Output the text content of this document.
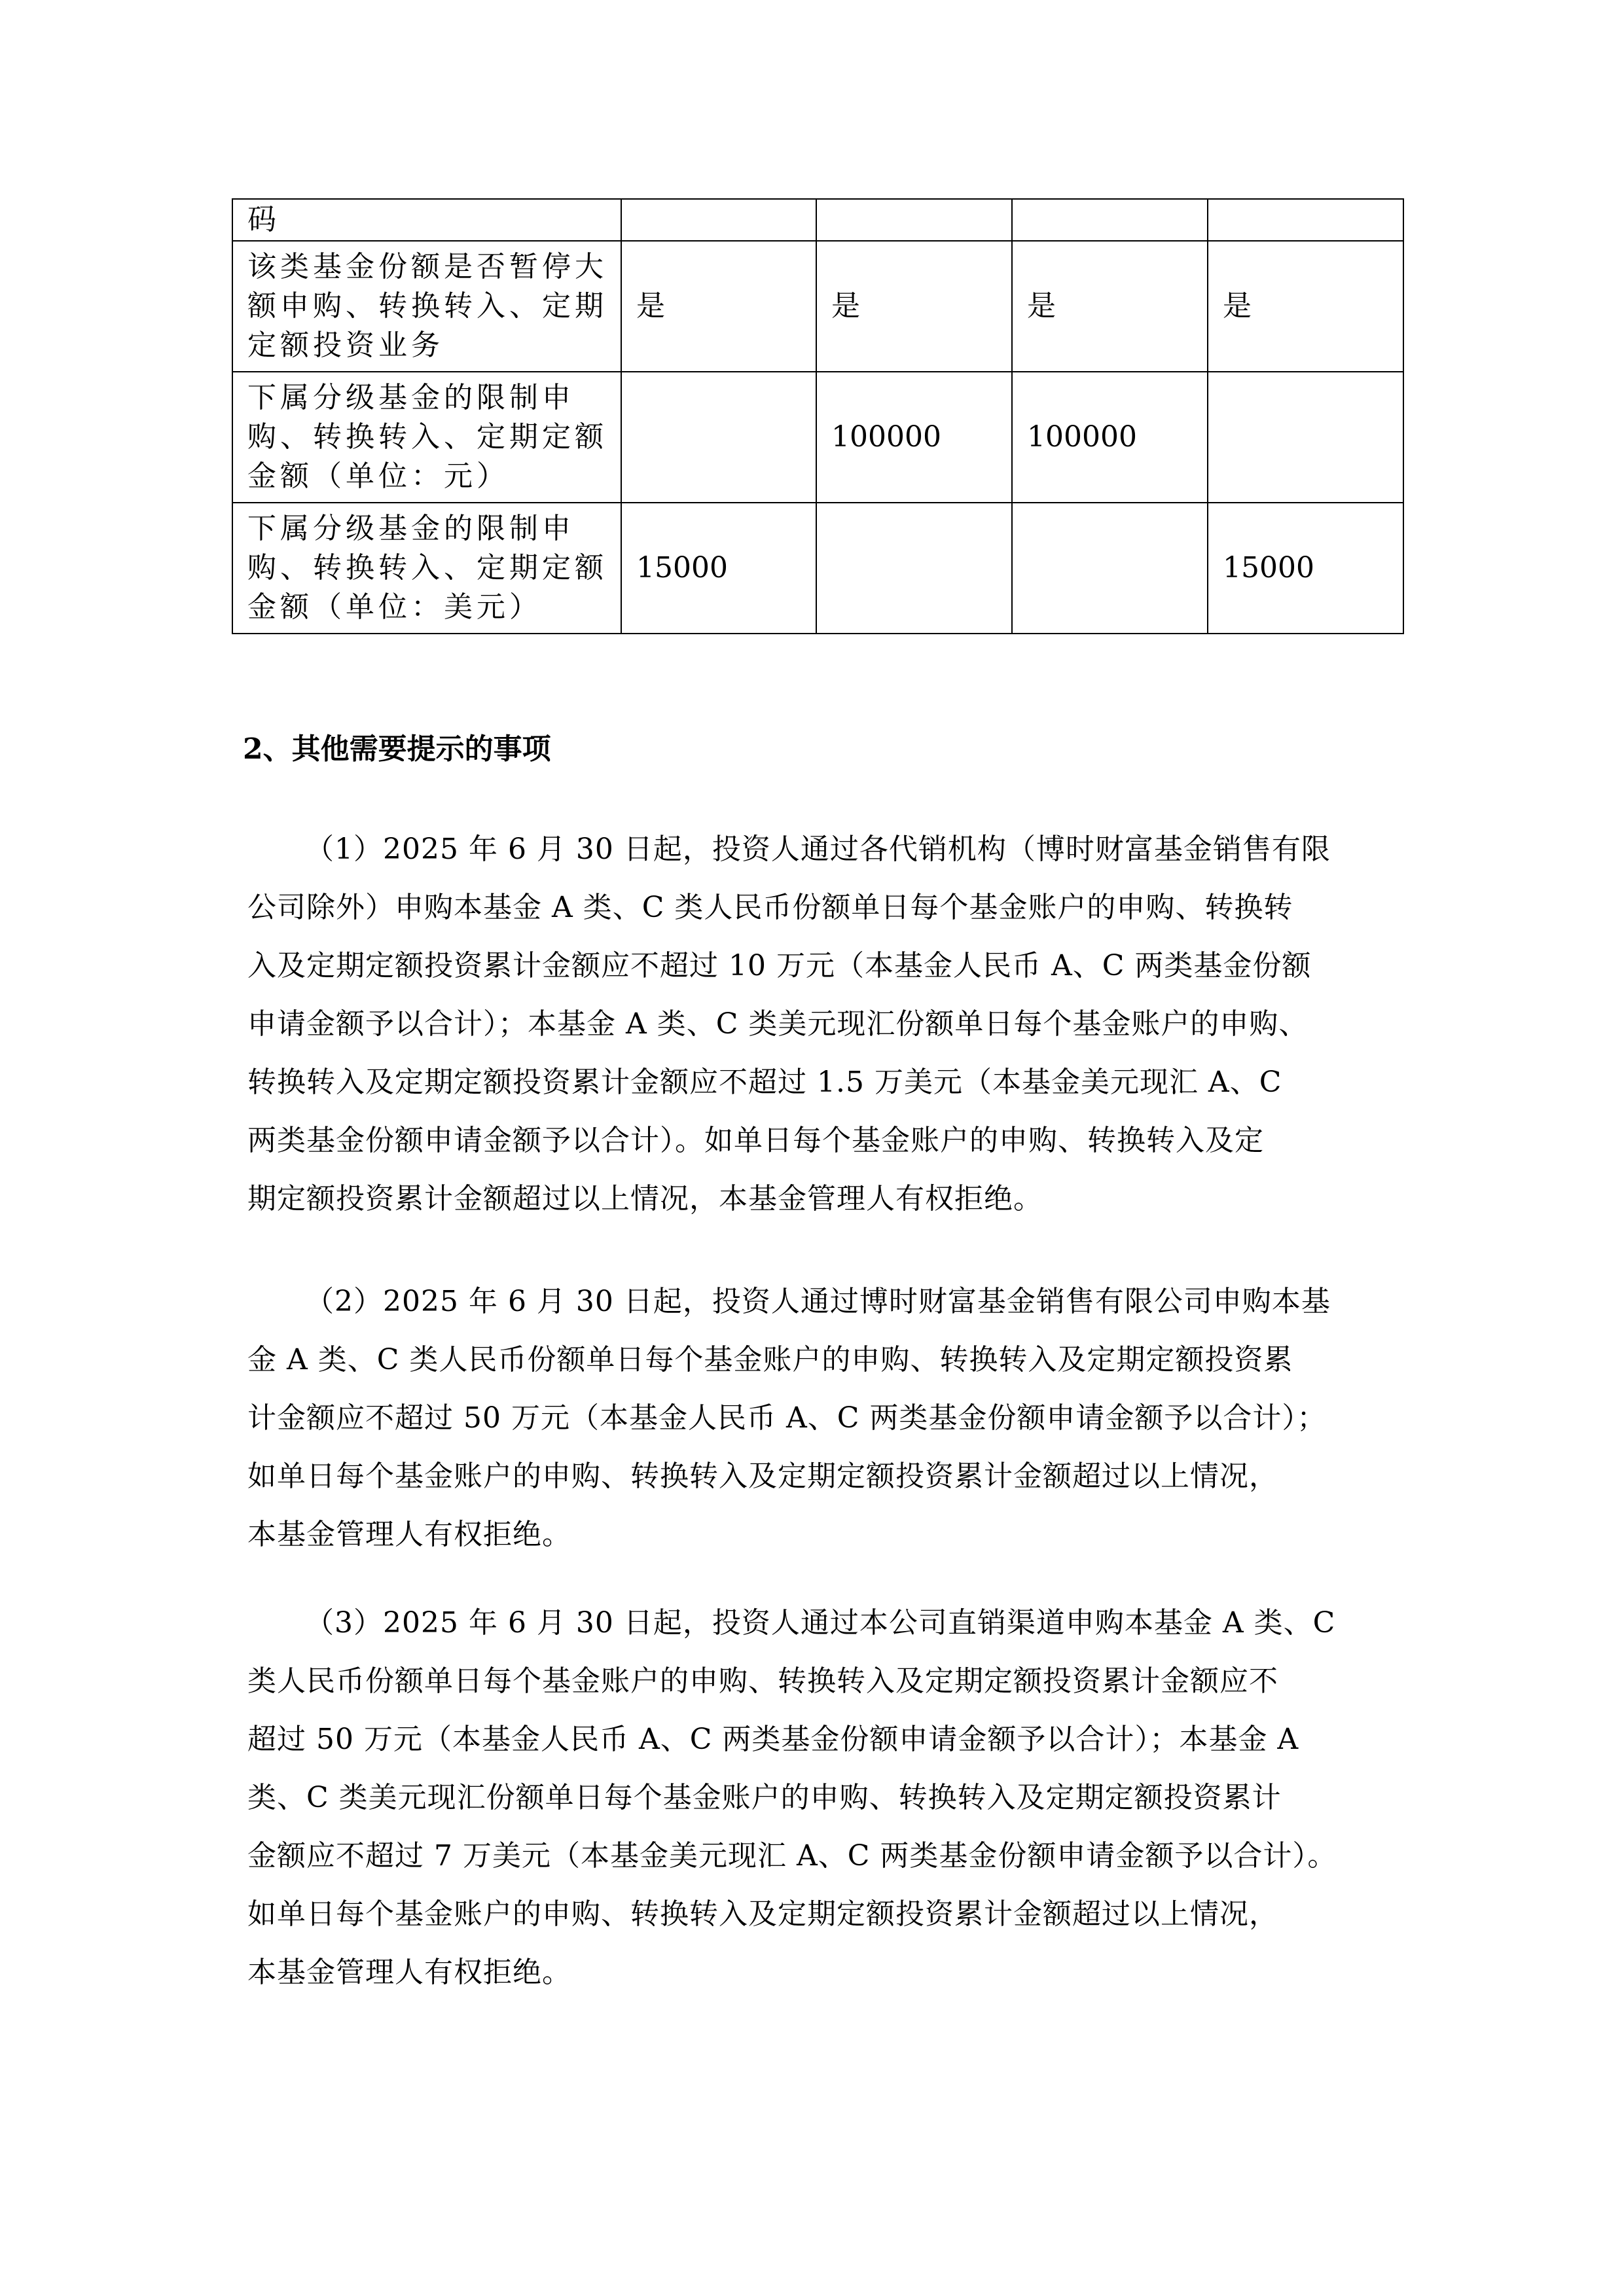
码				
该类基金份额是否暂停大额申购、转换转入、定期定额投资业务	是	是	是	是
下属分级基金的限制申购、转换转入、定期定额金额（单位：元）		100000	100000	
下属分级基金的限制申购、转换转入、定期定额金额（单位：美元）	15000			15000
2、其他需要提示的事项
（1）2025 年 6 月 30 日起，投资人通过各代销机构（博时财富基金销售有限
公司除外）申购本基金 A 类、C 类人民币份额单日每个基金账户的申购、转换转
入及定期定额投资累计金额应不超过 10 万元（本基金人民币 A、C 两类基金份额
申请金额予以合计）；本基金 A 类、C 类美元现汇份额单日每个基金账户的申购、
转换转入及定期定额投资累计金额应不超过 1.5 万美元（本基金美元现汇 A、C
两类基金份额申请金额予以合计）。如单日每个基金账户的申购、转换转入及定
期定额投资累计金额超过以上情况，本基金管理人有权拒绝。
（2）2025 年 6 月 30 日起，投资人通过博时财富基金销售有限公司申购本基
金 A 类、C 类人民币份额单日每个基金账户的申购、转换转入及定期定额投资累
计金额应不超过 50 万元（本基金人民币 A、C 两类基金份额申请金额予以合计）；
如单日每个基金账户的申购、转换转入及定期定额投资累计金额超过以上情况，
本基金管理人有权拒绝。
（3）2025 年 6 月 30 日起，投资人通过本公司直销渠道申购本基金 A 类、C
类人民币份额单日每个基金账户的申购、转换转入及定期定额投资累计金额应不
超过 50 万元（本基金人民币 A、C 两类基金份额申请金额予以合计）；本基金 A
类、C 类美元现汇份额单日每个基金账户的申购、转换转入及定期定额投资累计
金额应不超过 7 万美元（本基金美元现汇 A、C 两类基金份额申请金额予以合计）。
如单日每个基金账户的申购、转换转入及定期定额投资累计金额超过以上情况，
本基金管理人有权拒绝。
